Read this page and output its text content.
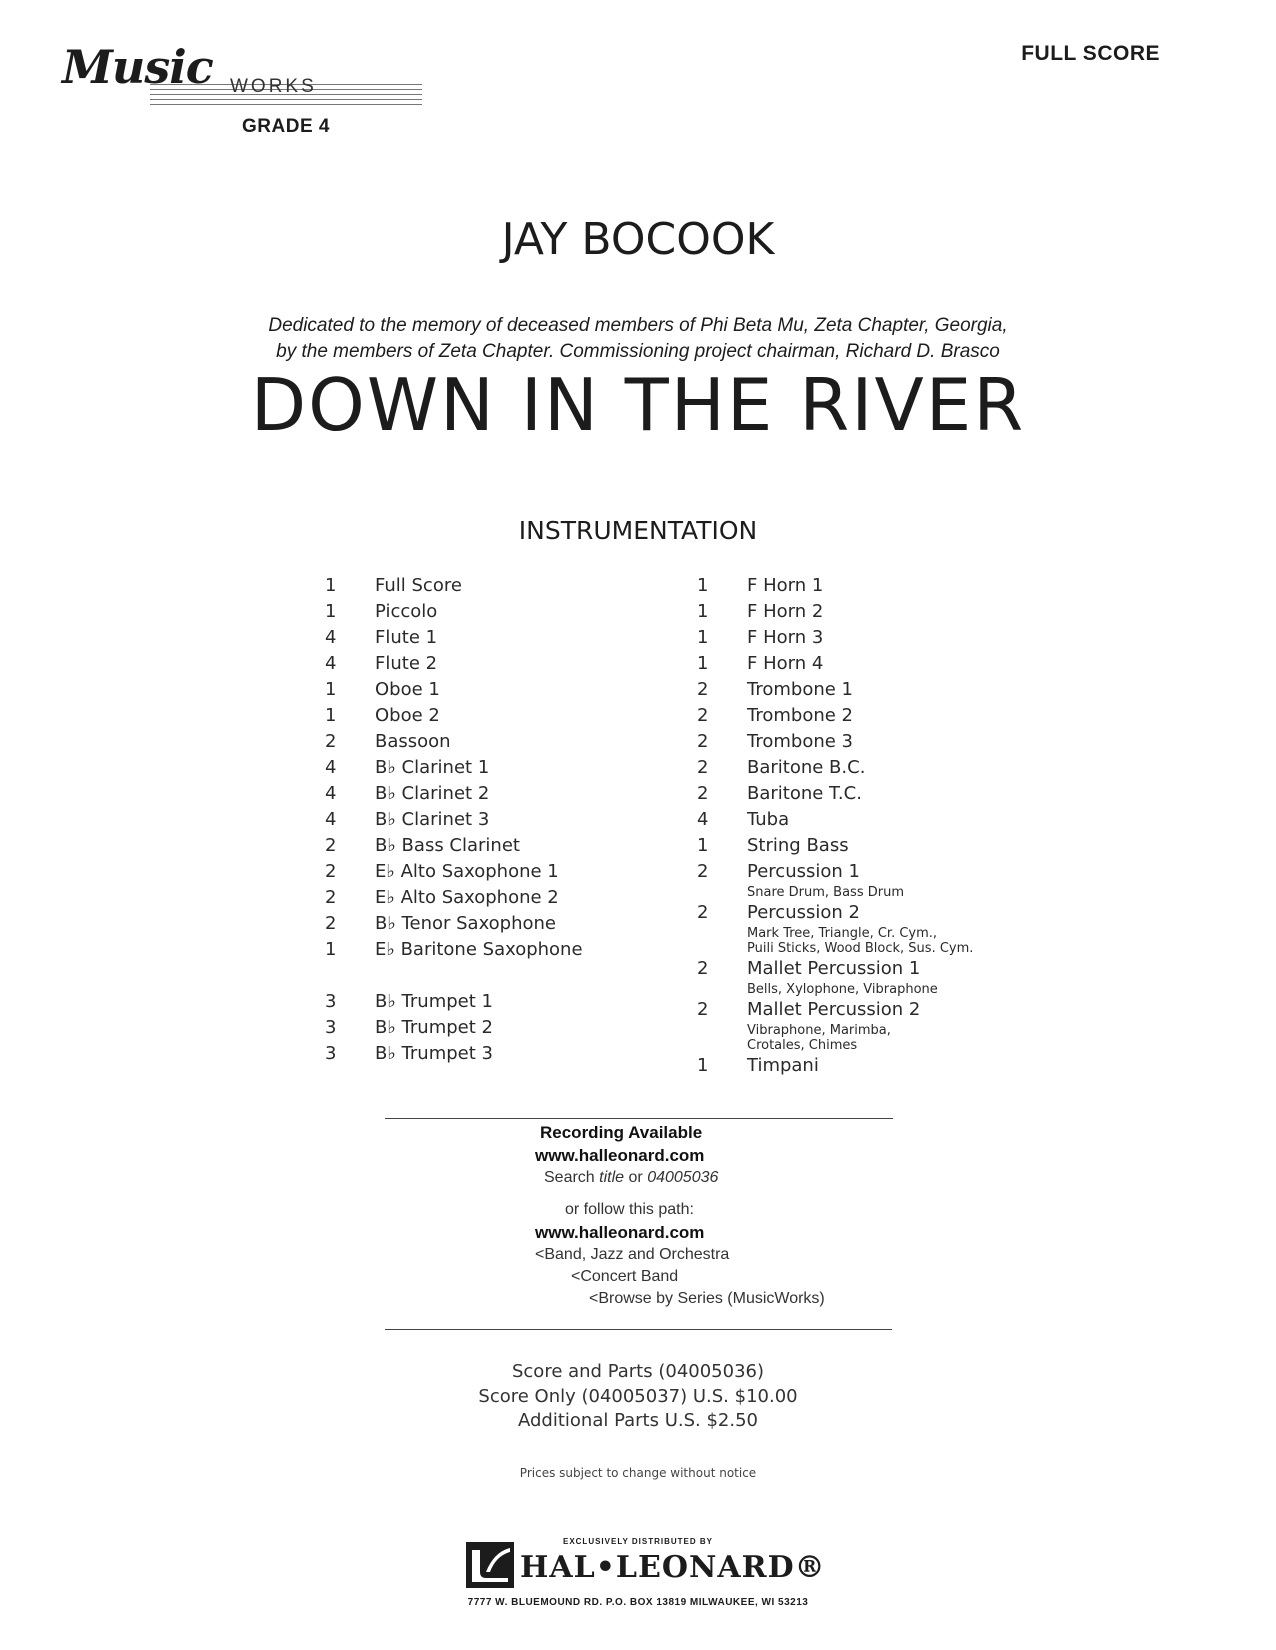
Music WORKS
GRADE 4
FULL SCORE
JAY BOCOOK
Dedicated to the memory of deceased members of Phi Beta Mu, Zeta Chapter, Georgia,
by the members of Zeta Chapter. Commissioning project chairman, Richard D. Brasco
DOWN IN THE RIVER
INSTRUMENTATION
1	Full Score
1	Piccolo
4	Flute 1
4	Flute 2
1	Oboe 1
1	Oboe 2
2	Bassoon
4	B♭ Clarinet 1
4	B♭ Clarinet 2
4	B♭ Clarinet 3
2	B♭ Bass Clarinet
2	E♭ Alto Saxophone 1
2	E♭ Alto Saxophone 2
2	B♭ Tenor Saxophone
1	E♭ Baritone Saxophone
3	B♭ Trumpet 1
3	B♭ Trumpet 2
3	B♭ Trumpet 3
1	F Horn 1
1	F Horn 2
1	F Horn 3
1	F Horn 4
2	Trombone 1
2	Trombone 2
2	Trombone 3
2	Baritone B.C.
2	Baritone T.C.
4	Tuba
1	String Bass
2	Percussion 1
Snare Drum, Bass Drum
2	Percussion 2
Mark Tree, Triangle, Cr. Cym.,
Puili Sticks, Wood Block, Sus. Cym.
2	Mallet Percussion 1
Bells, Xylophone, Vibraphone
2	Mallet Percussion 2
Vibraphone, Marimba,
Crotales, Chimes
1	Timpani
Recording Available
www.halleonard.com
Search title or 04005036
or follow this path:
www.halleonard.com
<Band, Jazz and Orchestra
<Concert Band
<Browse by Series (MusicWorks)
Score and Parts (04005036)
Score Only (04005037) U.S. $10.00
Additional Parts U.S. $2.50
Prices subject to change without notice
EXCLUSIVELY DISTRIBUTED BY
HAL•LEONARD®
7777 W. BLUEMOUND RD. P.O. BOX 13819 MILWAUKEE, WI 53213
